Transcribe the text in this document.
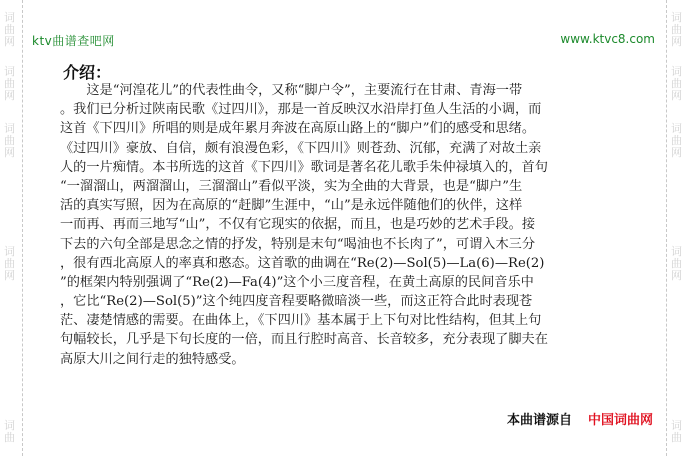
词
曲
网
词
曲
网
词
曲
网
词
曲
网
词
曲
词
曲
网
词
曲
网
词
曲
网
词
曲
网
词
曲
ktv曲谱查吧网	www.ktvc8.com
介绍：
　　这是“河湟花儿”的代表性曲令，又称“脚户令”，主要流行在甘肃、青海一带
。我们已分析过陕南民歌《过四川》，那是一首反映汉水沿岸打鱼人生活的小调，而
这首《下四川》所唱的则是成年累月奔波在高原山路上的“脚户”们的感受和思绪。
《过四川》豪放、自信，颇有浪漫色彩，《下四川》则苍劲、沉郁，充满了对故土亲
人的一片痴情。本书所选的这首《下四川》歌词是著名花儿歌手朱仲禄填入的，首句
“一溜溜山，两溜溜山，三溜溜山”看似平淡，实为全曲的大背景，也是“脚户”生
活的真实写照，因为在高原的“赶脚”生涯中，“山”是永远伴随他们的伙伴，这样
一而再、再而三地写“山”，不仅有它现实的依据，而且，也是巧妙的艺术手段。接
下去的六句全部是思念之情的抒发，特别是末句“喝油也不长肉了”，可谓入木三分
，很有西北高原人的率真和憨态。这首歌的曲调在“Re(2)—Sol(5)—La(6)—Re(2)
”的框架内特别强调了“Re(2)—Fa(4)”这个小三度音程，在黄土高原的民间音乐中
，它比“Re(2)—Sol(5)”这个纯四度音程要略微暗淡一些，而这正符合此时表现苍
茫、凄楚情感的需要。在曲体上，《下四川》基本属于上下句对比性结构，但其上句
句幅较长，几乎是下句长度的一倍，而且行腔时高音、长音较多，充分表现了脚夫在
高原大川之间行走的独特感受。
本曲谱源自 中国词曲网
